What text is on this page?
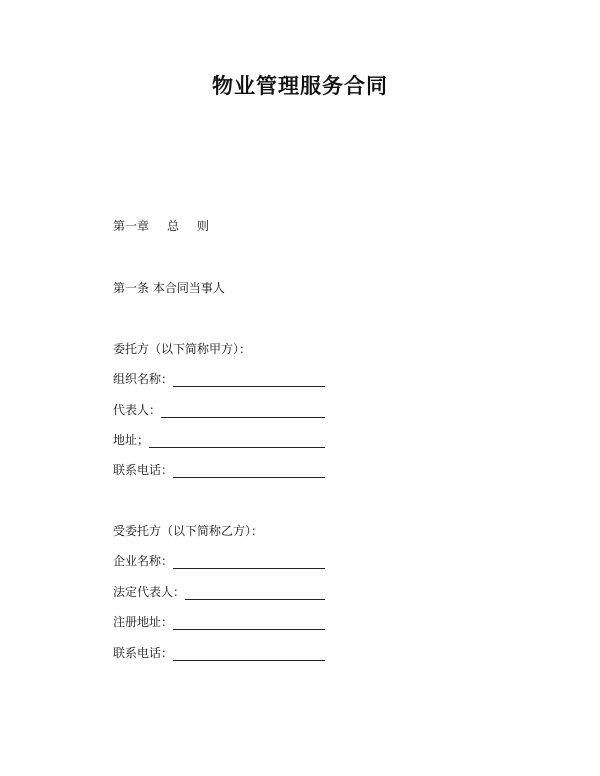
物业管理服务合同
第一章 总 则
第一条 本合同当事人
委托方（以下简称甲方）：
组织名称：
代表人：
地址；
联系电话：
受委托方（以下简称乙方）：
企业名称：
法定代表人：
注册地址：
联系电话：
